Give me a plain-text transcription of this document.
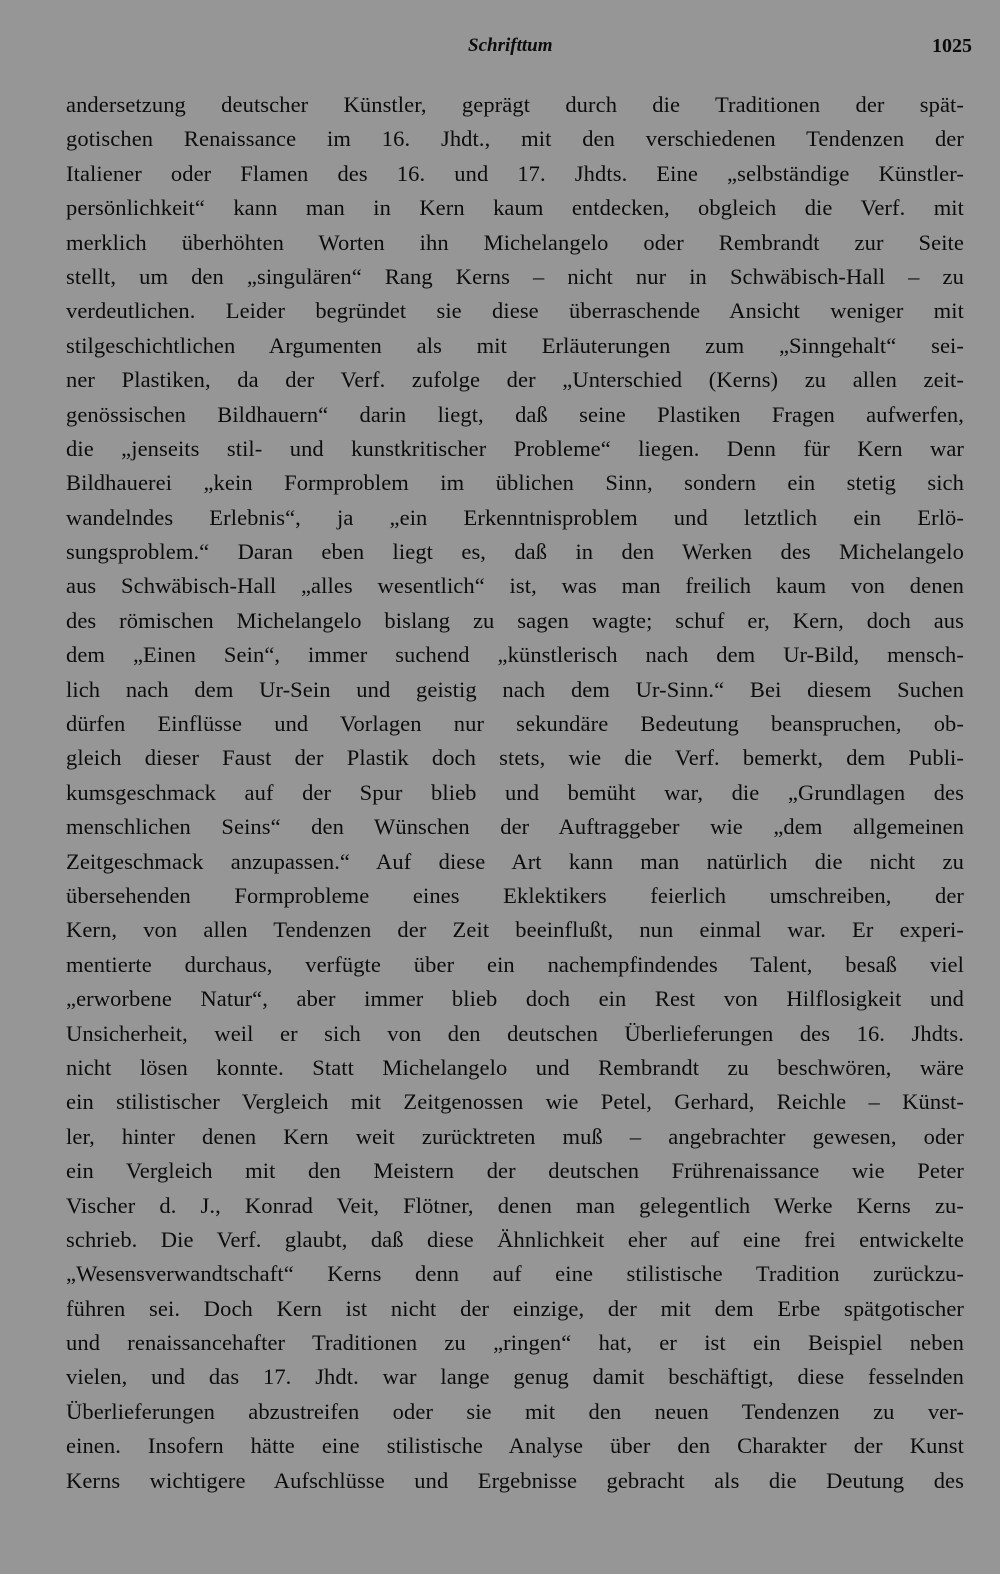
Schrifttum	1025
andersetzung deutscher Künstler, geprägt durch die Traditionen der spät-
gotischen Renaissance im 16. Jhdt., mit den verschiedenen Tendenzen der
Italiener oder Flamen des 16. und 17. Jhdts. Eine „selbständige Künstler-
persönlichkeit“ kann man in Kern kaum entdecken, obgleich die Verf. mit
merklich überhöhten Worten ihn Michelangelo oder Rembrandt zur Seite
stellt, um den „singulären“ Rang Kerns – nicht nur in Schwäbisch-Hall – zu
verdeutlichen. Leider begründet sie diese überraschende Ansicht weniger mit
stilgeschichtlichen Argumenten als mit Erläuterungen zum „Sinngehalt“ sei-
ner Plastiken, da der Verf. zufolge der „Unterschied (Kerns) zu allen zeit-
genössischen Bildhauern“ darin liegt, daß seine Plastiken Fragen aufwerfen,
die „jenseits stil- und kunstkritischer Probleme“ liegen. Denn für Kern war
Bildhauerei „kein Formproblem im üblichen Sinn, sondern ein stetig sich
wandelndes Erlebnis“, ja „ein Erkenntnisproblem und letztlich ein Erlö-
sungsproblem.“ Daran eben liegt es, daß in den Werken des Michelangelo
aus Schwäbisch-Hall „alles wesentlich“ ist, was man freilich kaum von denen
des römischen Michelangelo bislang zu sagen wagte; schuf er, Kern, doch aus
dem „Einen Sein“, immer suchend „künstlerisch nach dem Ur-Bild, mensch-
lich nach dem Ur-Sein und geistig nach dem Ur-Sinn.“ Bei diesem Suchen
dürfen Einflüsse und Vorlagen nur sekundäre Bedeutung beanspruchen, ob-
gleich dieser Faust der Plastik doch stets, wie die Verf. bemerkt, dem Publi-
kumsgeschmack auf der Spur blieb und bemüht war, die „Grundlagen des
menschlichen Seins“ den Wünschen der Auftraggeber wie „dem allgemeinen
Zeitgeschmack anzupassen.“ Auf diese Art kann man natürlich die nicht zu
übersehenden Formprobleme eines Eklektikers feierlich umschreiben, der
Kern, von allen Tendenzen der Zeit beeinflußt, nun einmal war. Er experi-
mentierte durchaus, verfügte über ein nachempfindendes Talent, besaß viel
„erworbene Natur“, aber immer blieb doch ein Rest von Hilflosigkeit und
Unsicherheit, weil er sich von den deutschen Überlieferungen des 16. Jhdts.
nicht lösen konnte. Statt Michelangelo und Rembrandt zu beschwören, wäre
ein stilistischer Vergleich mit Zeitgenossen wie Petel, Gerhard, Reichle – Künst-
ler, hinter denen Kern weit zurücktreten muß – angebrachter gewesen, oder
ein Vergleich mit den Meistern der deutschen Frührenaissance wie Peter
Vischer d. J., Konrad Veit, Flötner, denen man gelegentlich Werke Kerns zu-
schrieb. Die Verf. glaubt, daß diese Ähnlichkeit eher auf eine frei entwickelte
„Wesensverwandtschaft“ Kerns denn auf eine stilistische Tradition zurückzu-
führen sei. Doch Kern ist nicht der einzige, der mit dem Erbe spätgotischer
und renaissancehafter Traditionen zu „ringen“ hat, er ist ein Beispiel neben
vielen, und das 17. Jhdt. war lange genug damit beschäftigt, diese fesselnden
Überlieferungen abzustreifen oder sie mit den neuen Tendenzen zu ver-
einen. Insofern hätte eine stilistische Analyse über den Charakter der Kunst
Kerns wichtigere Aufschlüsse und Ergebnisse gebracht als die Deutung des
